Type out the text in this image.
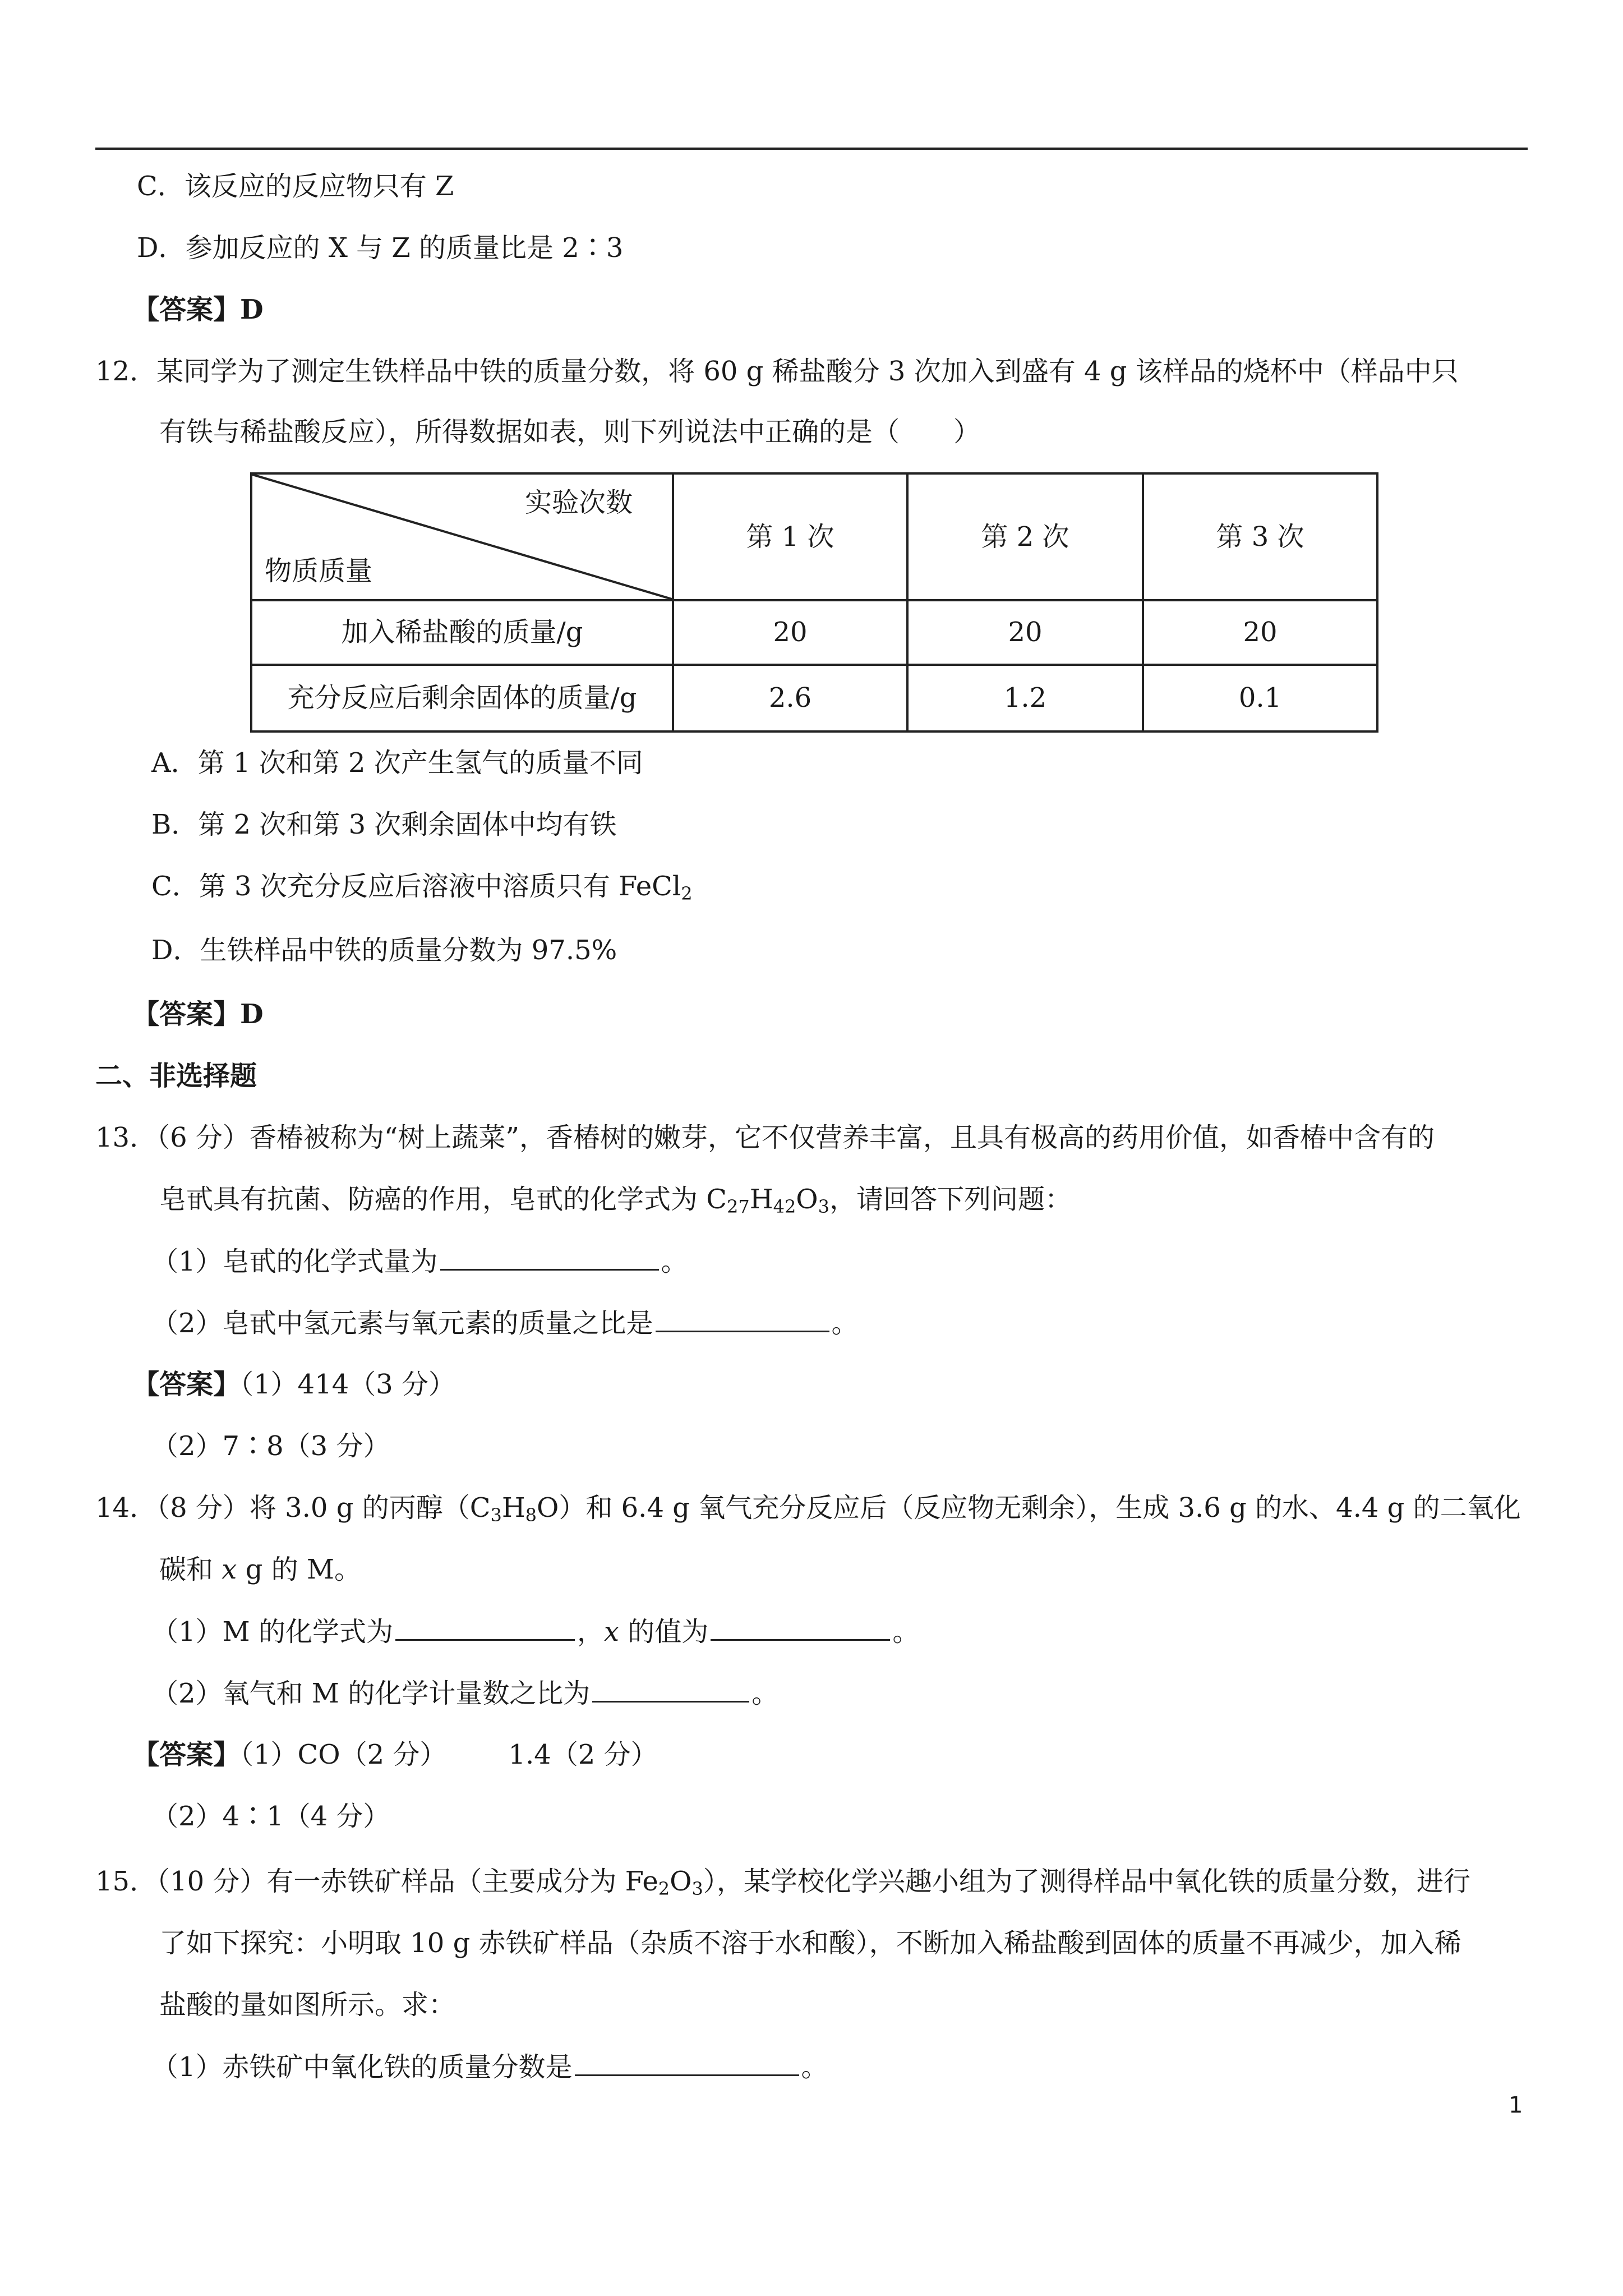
C．该反应的反应物只有 Z
D．参加反应的 X 与 Z 的质量比是 2∶3
【答案】D
12．某同学为了测定生铁样品中铁的质量分数，将 60 g 稀盐酸分 3 次加入到盛有 4 g 该样品的烧杯中（样品中只
有铁与稀盐酸反应），所得数据如表，则下列说法中正确的是（　　）
实验次数
物质质量	第 1 次	第 2 次	第 3 次
加入稀盐酸的质量/g	20	20	20
充分反应后剩余固体的质量/g	2.6	1.2	0.1
A．第 1 次和第 2 次产生氢气的质量不同
B．第 2 次和第 3 次剩余固体中均有铁
C．第 3 次充分反应后溶液中溶质只有 FeCl$_2$
D．生铁样品中铁的质量分数为 97.5%
【答案】D
二、非选择题
13．（6 分）香椿被称为“树上蔬菜”，香椿树的嫩芽，它不仅营养丰富，且具有极高的药用价值，如香椿中含有的
皂甙具有抗菌、防癌的作用，皂甙的化学式为 $C_{27}H_{42}O_3$，请回答下列问题：
（1）皂甙的化学式量为	。
（2）皂甙中氢元素与氧元素的质量之比是	。
【答案】（1）414（3 分）
（2）7∶8（3 分）
14．（8 分）将 3.0 g 的丙醇$(C_3H_8O)$和 6.4 g 氧气充分反应后（反应物无剩余），生成 3.6 g 的水、4.4 g 的二氧化
碳和 x g 的 M。
（1）M 的化学式为	，x 的值为	。
（2）氧气和 M 的化学计量数之比为	。
【答案】（1）CO（2 分） 1.4（2 分）
（2）4∶1（4 分）
15．（10 分）有一赤铁矿样品（主要成分为 $Fe_2O_3$），某学校化学兴趣小组为了测得样品中氧化铁的质量分数，进行
了如下探究：小明取 10 g 赤铁矿样品（杂质不溶于水和酸），不断加入稀盐酸到固体的质量不再减少，加入稀
盐酸的量如图所示。求：
（1）赤铁矿中氧化铁的质量分数是	。
1
